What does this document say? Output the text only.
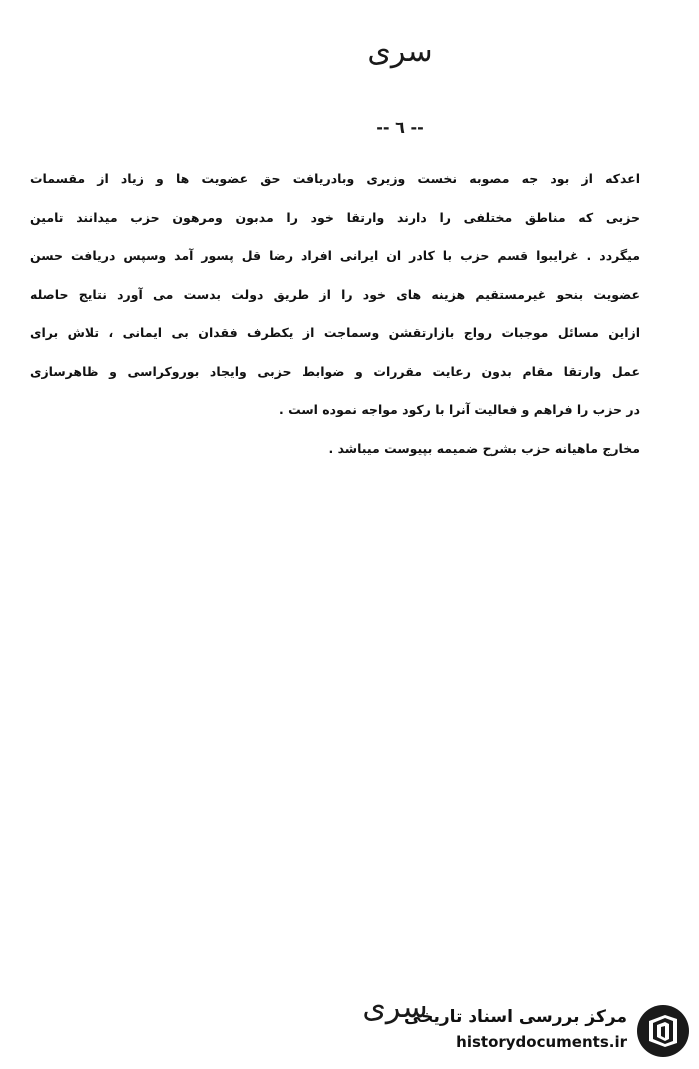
سری
-- ٦ --
اعدکه از بود جه مصوبه نخست وزیری وبادریافت حق عضویت ها و زیاد از مقسمات
حزبی که مناطق مختلفی را دارند وارتقا خود را مدبون ومرهون حزب میدانند تامین
میگردد . غرایبوا قسم حزب با کادر ان ایرانی افراد رضا قل پسور آمد وسپس دریافت حسن
عضویت بنحو غیرمستقیم هزینه های خود را از طریق دولت بدست می آورد نتایج حاصله
ازاین مسائل موجبات رواج بازارتقشن وسماجت از یکطرف فقدان بی ایمانی ، تلاش برای
عمل وارتقا مقام بدون رعایت مقررات و ضوابط حزبی وایجاد بوروکراسی و ظاهرسازی
در حزب را فراهم و فعالیت آنرا با رکود مواجه نموده است .
مخارج ماهیانه حزب بشرح ضمیمه بپیوست میباشد .
سری
مرکز بررسی اسناد تاریخی
historydocuments.ir
